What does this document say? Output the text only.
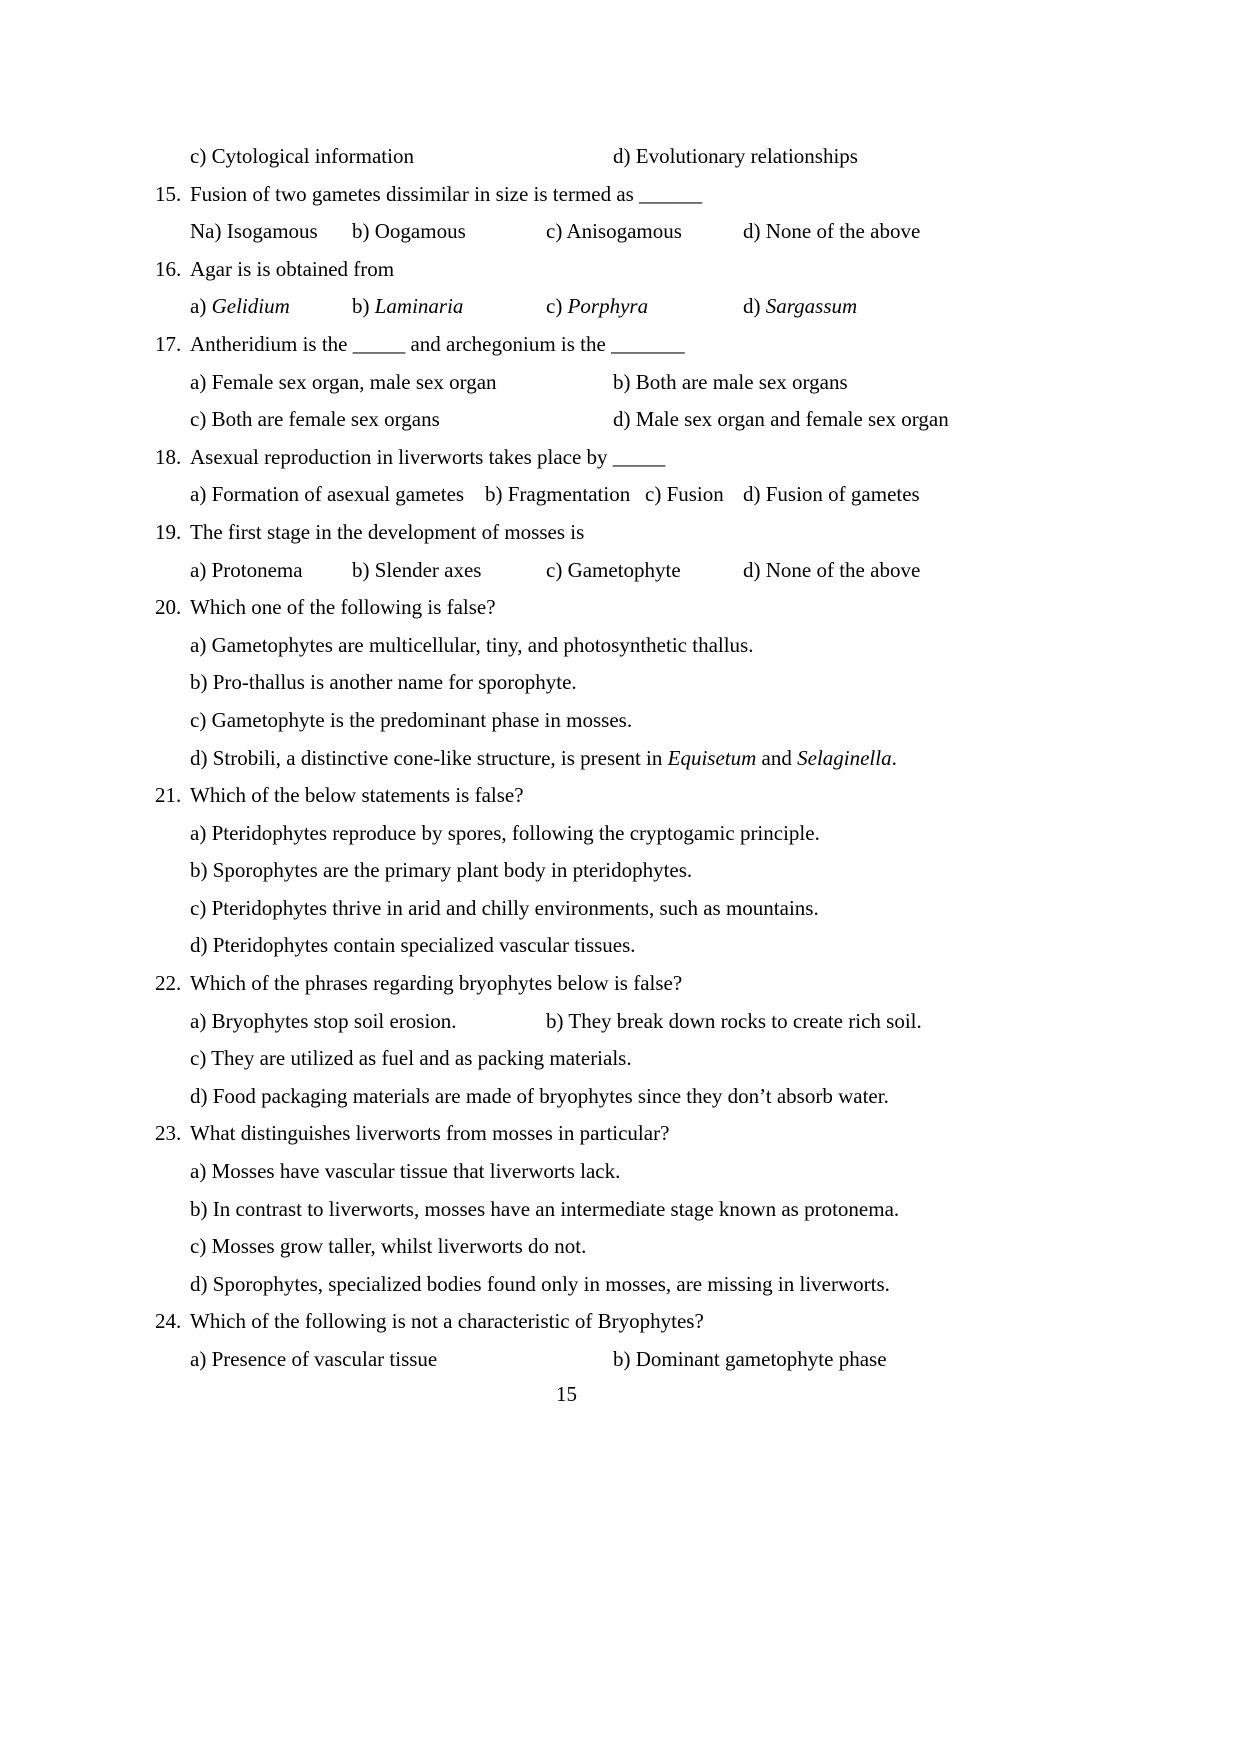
c) Cytological information	d) Evolutionary relationships
15. Fusion of two gametes dissimilar in size is termed as ______
Na) Isogamous	b) Oogamous	c) Anisogamous	d) None of the above
16. Agar is is obtained from
a) Gelidium	b) Laminaria	c) Porphyra	d) Sargassum
17. Antheridium is the _____ and archegonium is the _______
a) Female sex organ, male sex organ	b) Both are male sex organs
c) Both are female sex organs	d) Male sex organ and female sex organ
18. Asexual reproduction in liverworts takes place by _____
a) Formation of asexual gametes b) Fragmentation c) Fusion d) Fusion of gametes
19. The first stage in the development of mosses is
a) Protonema	b) Slender axes	c) Gametophyte	d) None of the above
20. Which one of the following is false?
a) Gametophytes are multicellular, tiny, and photosynthetic thallus.
b) Pro-thallus is another name for sporophyte.
c) Gametophyte is the predominant phase in mosses.
d) Strobili, a distinctive cone-like structure, is present in Equisetum and Selaginella.
21. Which of the below statements is false?
a) Pteridophytes reproduce by spores, following the cryptogamic principle.
b) Sporophytes are the primary plant body in pteridophytes.
c) Pteridophytes thrive in arid and chilly environments, such as mountains.
d) Pteridophytes contain specialized vascular tissues.
22. Which of the phrases regarding bryophytes below is false?
a) Bryophytes stop soil erosion.	b) They break down rocks to create rich soil.
c) They are utilized as fuel and as packing materials.
d) Food packaging materials are made of bryophytes since they don’t absorb water.
23. What distinguishes liverworts from mosses in particular?
a) Mosses have vascular tissue that liverworts lack.
b) In contrast to liverworts, mosses have an intermediate stage known as protonema.
c) Mosses grow taller, whilst liverworts do not.
d) Sporophytes, specialized bodies found only in mosses, are missing in liverworts.
24. Which of the following is not a characteristic of Bryophytes?
a) Presence of vascular tissue	b) Dominant gametophyte phase
15
